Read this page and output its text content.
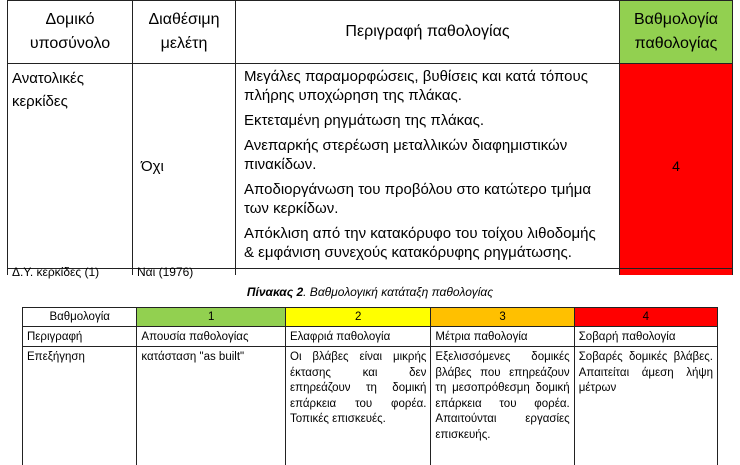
Δομικό υποσύνολο	Διαθέσιμη μελέτη	Περιγραφή παθολογίας	Βαθμολογία παθολογίας
Ανατολικές κερκίδες	Όχι	Μεγάλες παραμορφώσεις, βυθίσεις και κατά τόπους πλήρης υποχώρηση της πλάκας.

Εκτεταμένη ρηγμάτωση της πλάκας.

Ανεπαρκής στερέωση μεταλλικών διαφημιστικών πινακίδων.

Αποδιοργάνωση του προβόλου στο κατώτερο τμήμα των κερκίδων.

Απόκλιση από την κατακόρυφο του τοίχου λιθοδομής & εμφάνιση συνεχούς κατακόρυφης ρηγμάτωσης.	4

Δ.Υ. κερκίδες (1)	Ναι (1976)		

Πίνακας 2. Βαθμολογική κατάταξη παθολογίας
Βαθμολογία	1	2	3	4
Περιγραφή	Απουσία παθολογίας	Ελαφριά παθολογία	Μέτρια παθολογία	Σοβαρή παθολογία
Επεξήγηση	κατάσταση "as built"	Οι βλάβες είναι μικρής έκτασης και δεν επηρεάζουν τη δομική επάρκεια του φορέα. Τοπικές επισκευές.	Εξελισσόμενες δομικές βλάβες που επηρεάζουν τη μεσοπρόθεσμη δομική επάρκεια του φορέα. Απαιτούνται εργασίες επισκευής.	Σοβαρές δομικές βλάβες. Απαιτείται άμεση λήψη μέτρων
